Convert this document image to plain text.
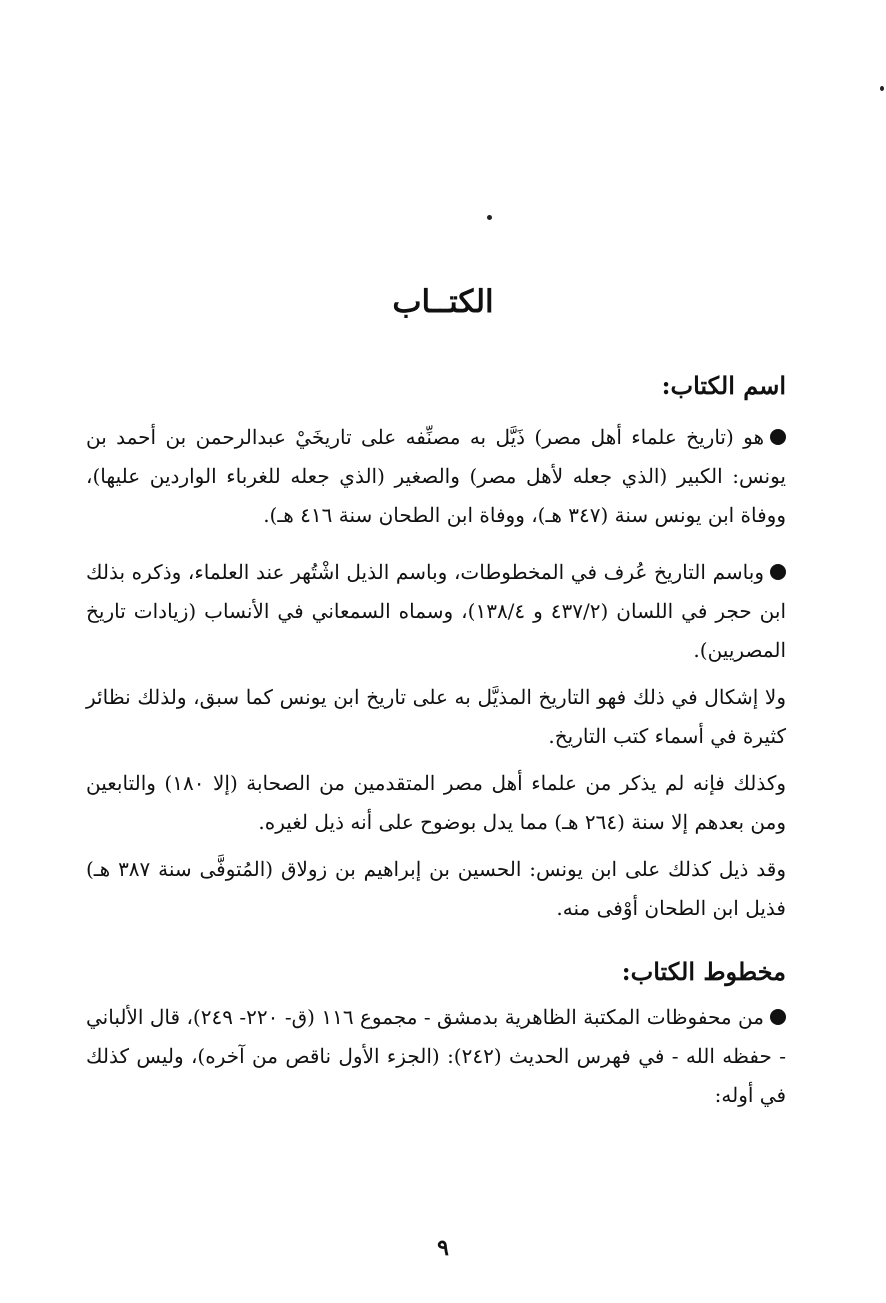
الكتــاب
اسم الكتاب:

هو (تاريخ علماء أهل مصر) ذَيَّل به مصنِّفه على تاريخَيْ عبدالرحمن بن أحمد بن يونس: الكبير (الذي جعله لأهل مصر) والصغير (الذي جعله للغرباء الواردين عليها)، ووفاة ابن يونس سنة (٣٤٧ هـ)، ووفاة ابن الطحان سنة ٤١٦ هـ).

وباسم التاريخ عُرف في المخطوطات، وباسم الذيل اشْتُهر عند العلماء، وذكره بذلك ابن حجر في اللسان (٤٣٧/٢ و ١٣٨/٤)، وسماه السمعاني في الأنساب (زيادات تاريخ المصريين).

ولا إشكال في ذلك فهو التاريخ المذيَّل به على تاريخ ابن يونس كما سبق، ولذلك نظائر كثيرة في أسماء كتب التاريخ.

وكذلك فإنه لم يذكر من علماء أهل مصر المتقدمين من الصحابة (إلا ١٨٠) والتابعين ومن بعدهم إلا سنة (٢٦٤ هـ) مما يدل بوضوح على أنه ذيل لغيره.

وقد ذيل كذلك على ابن يونس: الحسين بن إبراهيم بن زولاق (المُتوفَّى سنة ٣٨٧ هـ) فذيل ابن الطحان أوْفى منه.

مخطوط الكتاب:

من محفوظات المكتبة الظاهرية بدمشق - مجموع ١١٦ (ق- ٢٢٠- ٢٤٩)، قال الألباني - حفظه الله - في فهرس الحديث (٢٤٢): (الجزء الأول ناقص من آخره)، وليس كذلك في أوله:

٩
